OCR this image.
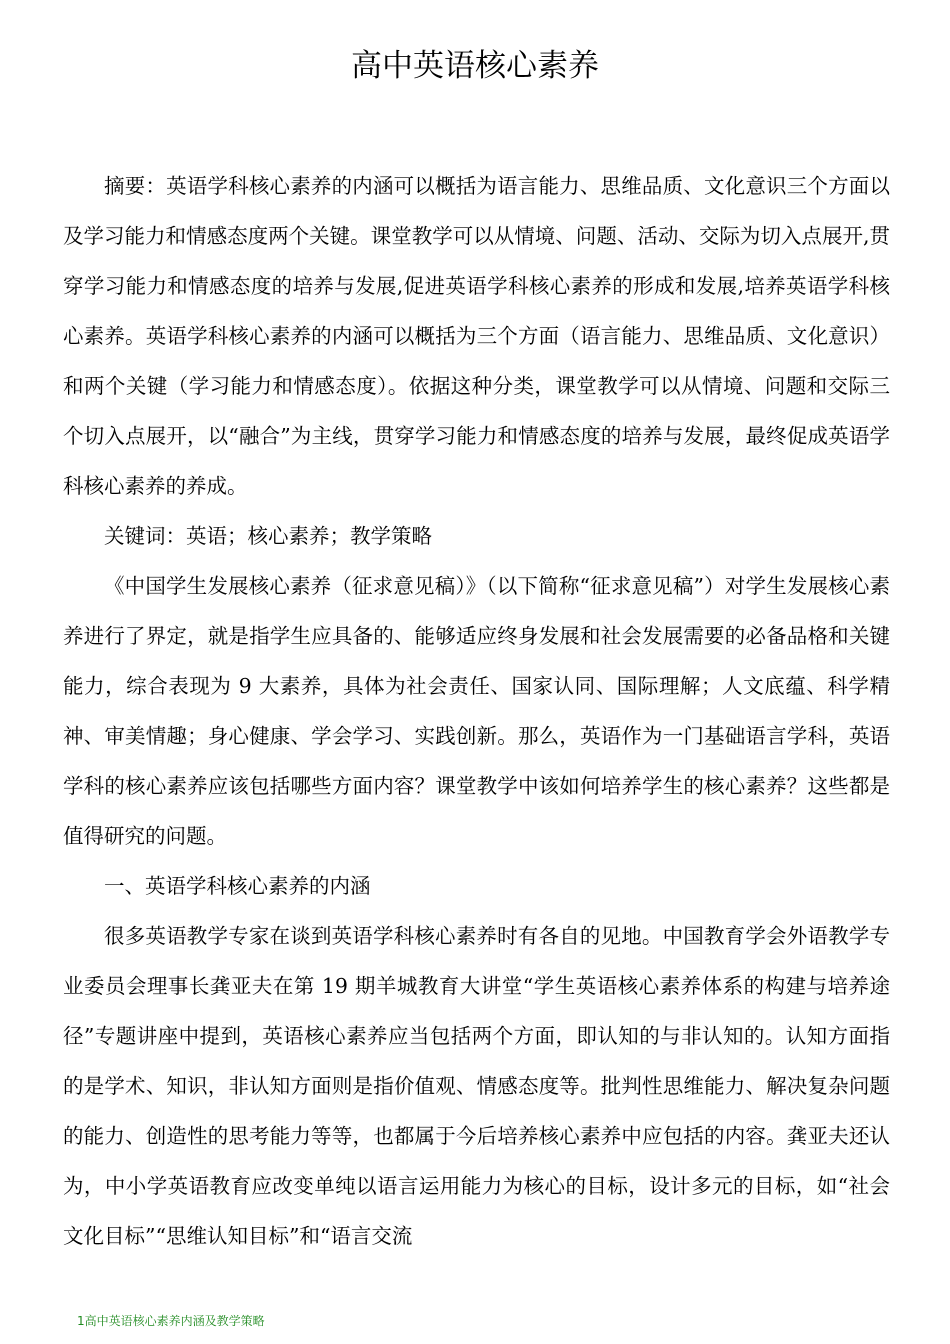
高中英语核心素养

摘要：英语学科核心素养的内涵可以概括为语言能力、思维品质、文化意识三个方面以及学习能力和情感态度两个关键。课堂教学可以从情境、问题、活动、交际为切入点展开,贯穿学习能力和情感态度的培养与发展,促进英语学科核心素养的形成和发展,培养英语学科核心素养。英语学科核心素养的内涵可以概括为三个方面（语言能力、思维品质、文化意识）和两个关键（学习能力和情感态度）。依据这种分类，课堂教学可以从情境、问题和交际三个切入点展开，以“融合”为主线，贯穿学习能力和情感态度的培养与发展，最终促成英语学科核心素养的养成。

关键词：英语；核心素养；教学策略

《中国学生发展核心素养（征求意见稿）》（以下简称“征求意见稿”）对学生发展核心素养进行了界定，就是指学生应具备的、能够适应终身发展和社会发展需要的必备品格和关键能力，综合表现为 9 大素养，具体为社会责任、国家认同、国际理解；人文底蕴、科学精神、审美情趣；身心健康、学会学习、实践创新。那么，英语作为一门基础语言学科，英语学科的核心素养应该包括哪些方面内容？课堂教学中该如何培养学生的核心素养？这些都是值得研究的问题。

一、英语学科核心素养的内涵

很多英语教学专家在谈到英语学科核心素养时有各自的见地。中国教育学会外语教学专业委员会理事长龚亚夫在第 19 期羊城教育大讲堂“学生英语核心素养体系的构建与培养途径”专题讲座中提到，英语核心素养应当包括两个方面，即认知的与非认知的。认知方面指的是学术、知识，非认知方面则是指价值观、情感态度等。批判性思维能力、解决复杂问题的能力、创造性的思考能力等等，也都属于今后培养核心素养中应包括的内容。龚亚夫还认为，中小学英语教育应改变单纯以语言运用能力为核心的目标，设计多元的目标，如“社会文化目标”“思维认知目标”和“语言交流

1高中英语核心素养内涵及教学策略
